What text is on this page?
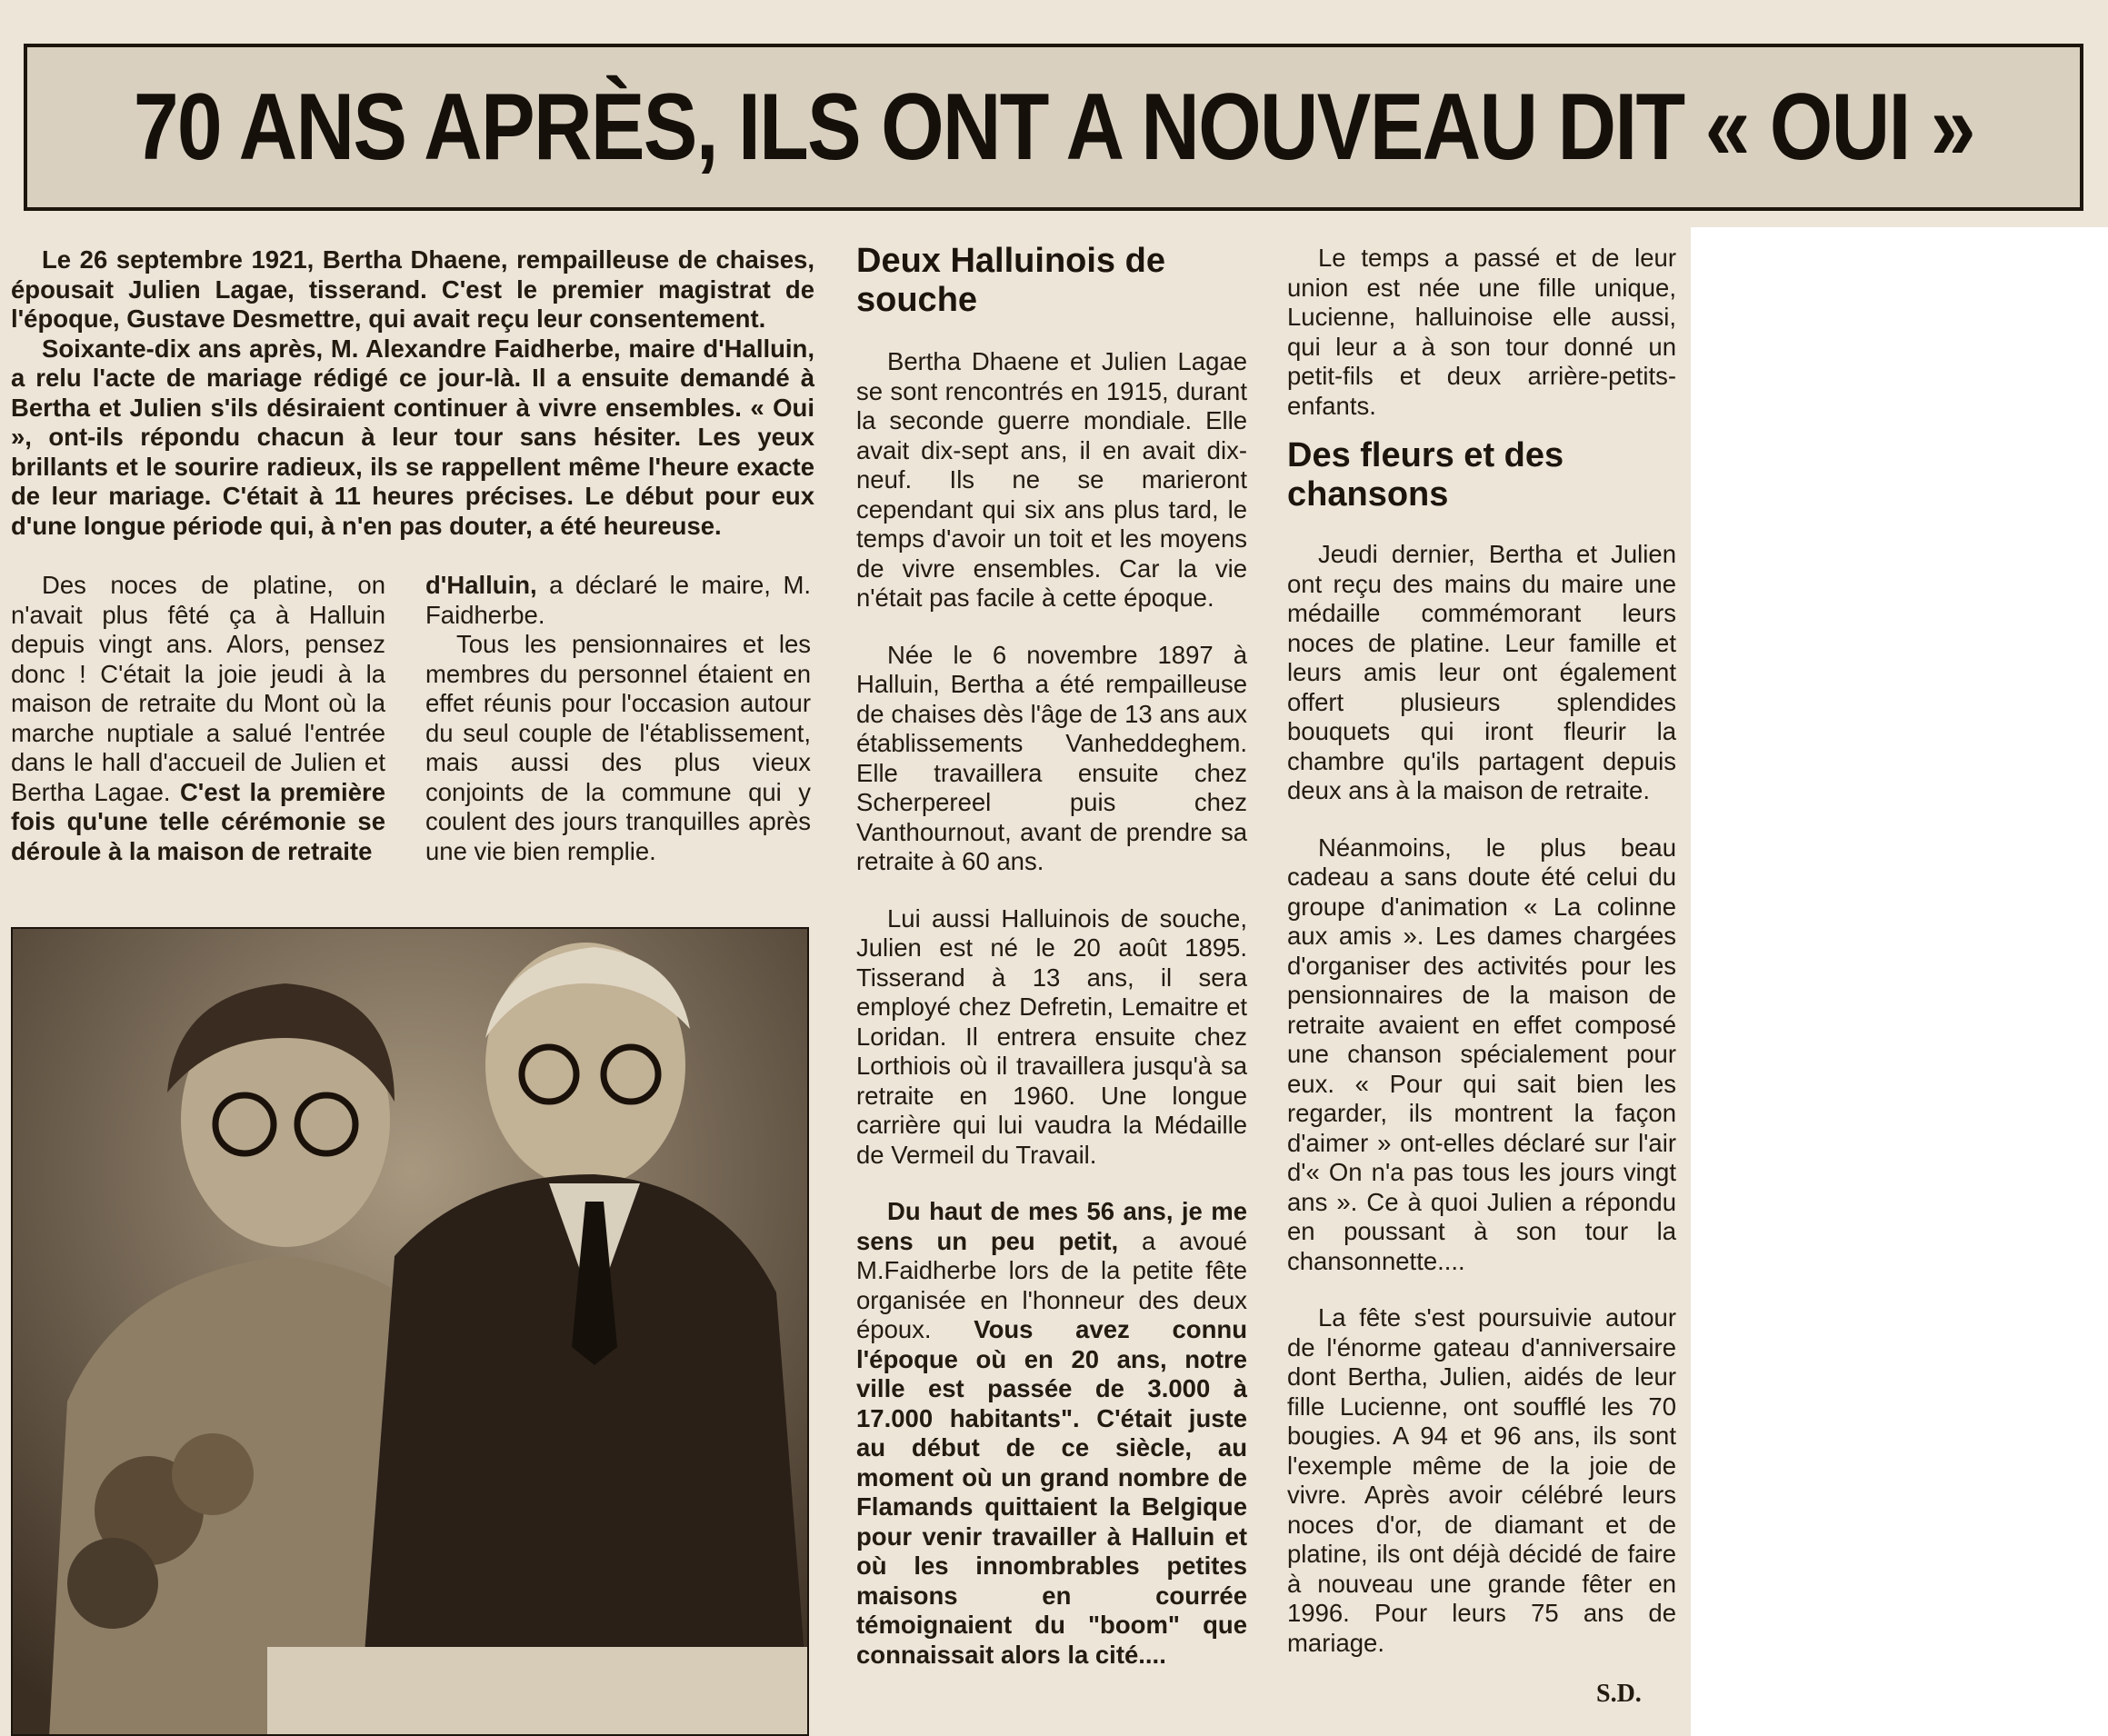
70 ANS APRÈS, ILS ONT A NOUVEAU DIT « OUI »

Le 26 septembre 1921, Bertha Dhaene, rempailleuse de chaises, épousait Julien Lagae, tisserand. C'est le premier magistrat de l'époque, Gustave Desmettre, qui avait reçu leur consentement.

Soixante-dix ans après, M. Alexandre Faidherbe, maire d'Halluin, a relu l'acte de mariage rédigé ce jour-là. Il a ensuite demandé à Bertha et Julien s'ils désiraient continuer à vivre ensembles. « Oui », ont-ils répondu chacun à leur tour sans hésiter. Les yeux brillants et le sourire radieux, ils se rappellent même l'heure exacte de leur mariage. C'était à 11 heures précises. Le début pour eux d'une longue période qui, à n'en pas douter, a été heureuse.

Des noces de platine, on n'avait plus fêté ça à Halluin depuis vingt ans. Alors, pensez donc ! C'était la joie jeudi à la maison de retraite du Mont où la marche nuptiale a salué l'entrée dans le hall d'accueil de Julien et Bertha Lagae. C'est la première fois qu'une telle cérémonie se déroule à la maison de retraite

d'Halluin, a déclaré le maire, M. Faidherbe.

Tous les pensionnaires et les membres du personnel étaient en effet réunis pour l'occasion autour du seul couple de l'établissement, mais aussi des plus vieux conjoints de la commune qui y coulent des jours tranquilles après une vie bien remplie.

Deux Halluinois de souche

Bertha Dhaene et Julien Lagae se sont rencontrés en 1915, durant la seconde guerre mondiale. Elle avait dix-sept ans, il en avait dix-neuf. Ils ne se marieront cependant qui six ans plus tard, le temps d'avoir un toit et les moyens de vivre ensembles. Car la vie n'était pas facile à cette époque.

Née le 6 novembre 1897 à Halluin, Bertha a été rempailleuse de chaises dès l'âge de 13 ans aux établissements Vanheddeghem. Elle travaillera ensuite chez Scherpereel puis chez Vanthournout, avant de prendre sa retraite à 60 ans.

Lui aussi Halluinois de souche, Julien est né le 20 août 1895. Tisserand à 13 ans, il sera employé chez Defretin, Lemaitre et Loridan. Il entrera ensuite chez Lorthiois où il travaillera jusqu'à sa retraite en 1960. Une longue carrière qui lui vaudra la Médaille de Vermeil du Travail.

Du haut de mes 56 ans, je me sens un peu petit, a avoué M.Faidherbe lors de la petite fête organisée en l'honneur des deux époux. Vous avez connu l'époque où en 20 ans, notre ville est passée de 3.000 à 17.000 habitants". C'était juste au début de ce siècle, au moment où un grand nombre de Flamands quittaient la Belgique pour venir travailler à Halluin et où les innombrables petites maisons en courrée témoignaient du "boom" que connaissait alors la cité....

Le temps a passé et de leur union est née une fille unique, Lucienne, halluinoise elle aussi, qui leur a à son tour donné un petit-fils et deux arrière-petits-enfants.

Des fleurs et des chansons

Jeudi dernier, Bertha et Julien ont reçu des mains du maire une médaille commémorant leurs noces de platine. Leur famille et leurs amis leur ont également offert plusieurs splendides bouquets qui iront fleurir la chambre qu'ils partagent depuis deux ans à la maison de retraite.

Néanmoins, le plus beau cadeau a sans doute été celui du groupe d'animation « La colinne aux amis ». Les dames chargées d'organiser des activités pour les pensionnaires de la maison de retraite avaient en effet composé une chanson spécialement pour eux. « Pour qui sait bien les regarder, ils montrent la façon d'aimer » ont-elles déclaré sur l'air d'« On n'a pas tous les jours vingt ans ». Ce à quoi Julien a répondu en poussant à son tour la chansonnette....

La fête s'est poursuivie autour de l'énorme gateau d'anniversaire dont Bertha, Julien, aidés de leur fille Lucienne, ont soufflé les 70 bougies. A 94 et 96 ans, ils sont l'exemple même de la joie de vivre. Après avoir célébré leurs noces d'or, de diamant et de platine, ils ont déjà décidé de faire à nouveau une grande fêter en 1996. Pour leurs 75 ans de mariage.

S.D.
